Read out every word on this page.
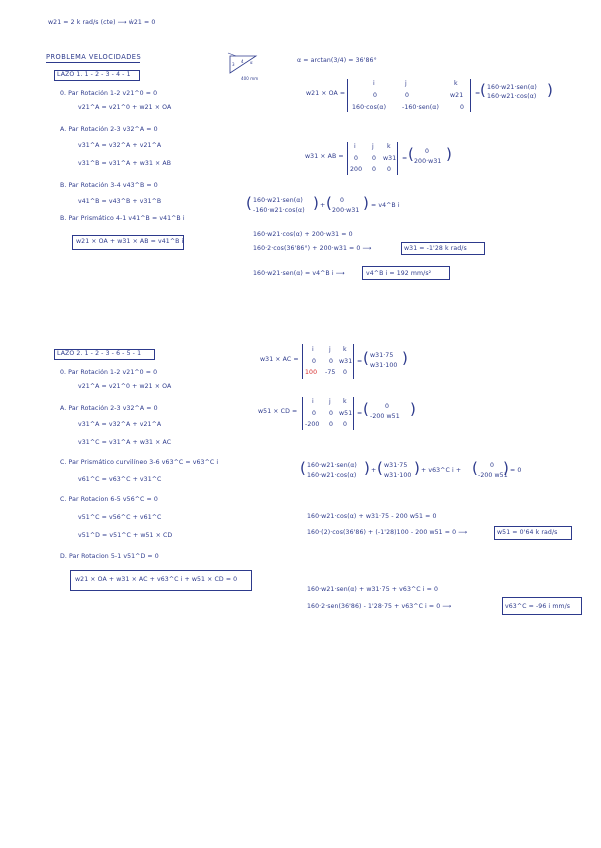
w21 = 2 k rad/s (cte) ⟶ ẇ21 = 0
PROBLEMA VELOCIDADES
LAZO 1. 1 - 2 - 3 - 4 - 1
0. Par Rotación 1-2 v21^0 = 0
v21^A = v21^0 + w21 × OA
A. Par Rotación 2-3 v32^A = 0
v31^A = v32^A + v21^A
v31^B = v31^A + w31 × AB
B. Par Rotación 3-4 v43^B = 0
v41^B = v43^B + v31^B
B. Par Prismático 4-1 v41^B = v41^B i
w21 × OA + w31 × AB = v41^B i
α
3
4
400 mm
α = arctan(3/4) = 36'86°
w21 × OA =
i	j	k
0	0	w21
160·cos(α)	-160·sen(α)	0
= ( 160·w21·sen(α)
160·w21·cos(α) )
w31 × AB =
i	j k
0 0 w31
200 0 0
= ( 0
200·w31 )
( 160·w21·sen(α)
-160·w21·cos(α) ) + ( 0
200·w31 ) = v4^B i
160·w21·cos(α) + 200·w31 = 0
160·2·cos(36'86°) + 200·w31 = 0 ⟶	w31 = -1'28 k rad/s
160·w21·sen(α) = v4^B i ⟶	v4^B i = 192 mm/s²
LAZO 2. 1 - 2 - 3 - 6 - 5 - 1
0. Par Rotación 1-2 v21^0 = 0
v21^A = v21^0 + w21 × OA
A. Par Rotación 2-3 v32^A = 0
v31^A = v32^A + v21^A
v31^C = v31^A + w31 × AC
C. Par Prismático curvilíneo 3-6 v63^C = v63^C i
v61^C = v63^C + v31^C
C. Par Rotacion 6-5 v56^C = 0
v51^C = v56^C + v61^C
v51^D = v51^C + w51 × CD
D. Par Rotacion 5-1 v51^D = 0
w21 × OA + w31 × AC + v63^C i + w51 × CD = 0
w31 × AC =
i j k
0 0 w31
100 -75 0
= ( w31·75
w31·100 )
w51 × CD =
i j k
0 0 w51
-200 0 0
= (	0
-200 w51 )
( 160·w21·sen(α)
160·w21·cos(α) ) + ( w31·75
w31·100 ) + v63^C i + ( 0
-200 w51
) = 0
160·w21·cos(α) + w31·75 - 200 w51 = 0
160·(2)·cos(36'86) + (-1'28)100 - 200 w51 = 0 ⟶	w51 = 0'64 k rad/s
160·w21·sen(α) + w31·75 + v63^C i = 0
160·2·sen(36'86) - 1'28·75 + v63^C i = 0 ⟶	v63^C = -96 i mm/s
